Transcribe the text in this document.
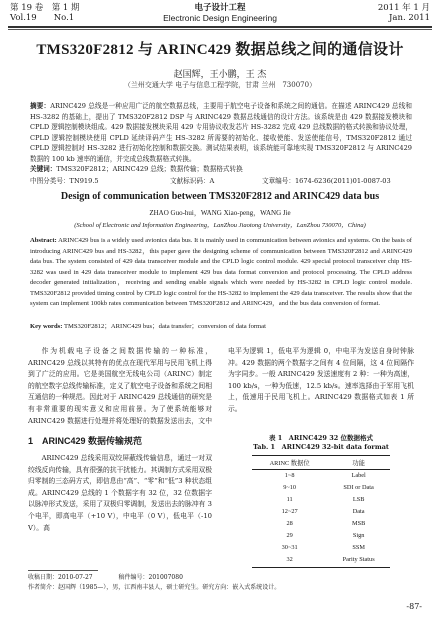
第 19 卷　第 1 期
Vol.19　　No.1
电子设计工程
Electronic Design Engineering
2011 年 1 月
Jan. 2011
TMS320F2812 与 ARINC429 数据总线之间的通信设计
赵国辉，王小鹏，王 杰
（兰州交通大学 电子与信息工程学院，甘肃 兰州　730070）
摘要：ARINC429 总线是一种应用广泛的航空数据总线，主要用于航空电子设备和系统之间的通信。在描述 ARINC429 总线和 HS-3282 的基础上，提出了 TMS320F2812 DSP 与 ARINC429 数据总线通信的设计方法。该系统是由 429 数据接发模块和 CPLD 逻辑控制模块组成。429 数据接发模块采用 429 专用协议收发芯片 HS-3282 完成 429 总线数据的格式转换和协议处理，CPLD 逻辑控制模块使用 CPLD 延续译码产生 HS-3282 所需要的初始化、接收使能、发送使能信号，TMS320F2812 通过 CPLD 逻辑控制对 HS-3282 进行初始化控制和数据交换。测试结果表明，该系统能可靠地实现 TMS320F2812 与 ARINC429 数据的 100 kb 速率的通信，并完成总线数据格式转换。
关键词：TMS320F2812；ARINC429 总线；数据传输；数据格式转换
中图分类号：TN919.5	文献标识码：A	文章编号：1674-6236(2011)01-0087-03
Design of communication between TMS320F2812 and ARINC429 data bus
ZHAO Guo-hui，WANG Xiao-peng，WANG Jie
(School of Electronic and Information Engineering，LanZhou Jiaotong University，LanZhou 730070，China)
Abstract: ARINC429 bus is a widely used avionics data bus. It is mainly used in communication between avionics and systems. On the basis of introducing ARINC429 bus and HS-3282，this paper gave the designing scheme of communication between TMS320F2812 and ARINC429 data bus. The system consisted of 429 data transceiver module and the CPLD logic control module. 429 special protocol transceiver chip HS-3282 was used in 429 data transceiver module to implement 429 bus data format conversion and protocol processing. The CPLD address decoder generated initialization，receiving and sending enable signals which were needed by HS-3282 in CPLD logic control module. TMS320F2812 provided timing control by CPLD logic control for the HS-3282 to implement the 429 data transceiver. The results show that the system can implement 100kb rates communication between TMS320F2812 and ARINC429，and the bus data conversion of format.
Key words: TMS320F2812；ARINC429 bus；data transfer；conversion of data format
作为机载电子设备之间数据传输的一种标准，ARINC429 总线以其特有的优点在现代军用与民用飞机上得到了广泛的应用。它是美国航空无线电公司（ARINC）制定的航空数字总线传输标准，定义了航空电子设备和系统之间相互通信的一种规范。因此对于 ARINC429 总线通信的研究是有非常重要的现实意义和应用前景。为了使系统能够对 ARINC429 数据进行处理并将处理好的数据发送出去，文中
1　ARINC429 数据传输规范
ARINC429 总线采用双绞屏蔽线传输信息，通过一对双绞线反向传输，具有很强的抗干扰能力。其调制方式采用双极归零制的三态码方式，即信息由“高”、“零”和“低”3 种状态组成。ARINC429 总线的 1 个数据字有 32 位，32 位数据字以脉冲形式发送，采用了双极归零调制，发送出去的脉冲有 3 个电平，即高电平（+10 V），中电平（0 V），低电平（-10 V）。高
电平为逻辑 1，低电平为逻辑 0，中电平为发送自身时钟脉冲。429 数据的两个数据字之间有 4 位间隔，这 4 位间隔作为字同步。一般 ARINC429 发送速度有 2 种：一种为高速，100 kb/s，一种为低速，12.5 kb/s。速率选择由于军用飞机上，低速用于民用飞机上。ARINC429 数据格式如表 1 所示。
表 1　ARINC429 32 位数据格式
Tab. 1　ARINC429 32-bit data format
ARINC 数据位	功能
1~8	Label
9~10	SDI or Data
11	LSB
12~27	Data
28	MSB
29	Sign
30~31	SSM
32	Parity Status
收稿日期：2010-07-27	稿件编号：201007080
作者简介：赵国辉（1985—），男，江西南丰县人，硕士研究生。研究方向：嵌入式系统设计。
-87-
